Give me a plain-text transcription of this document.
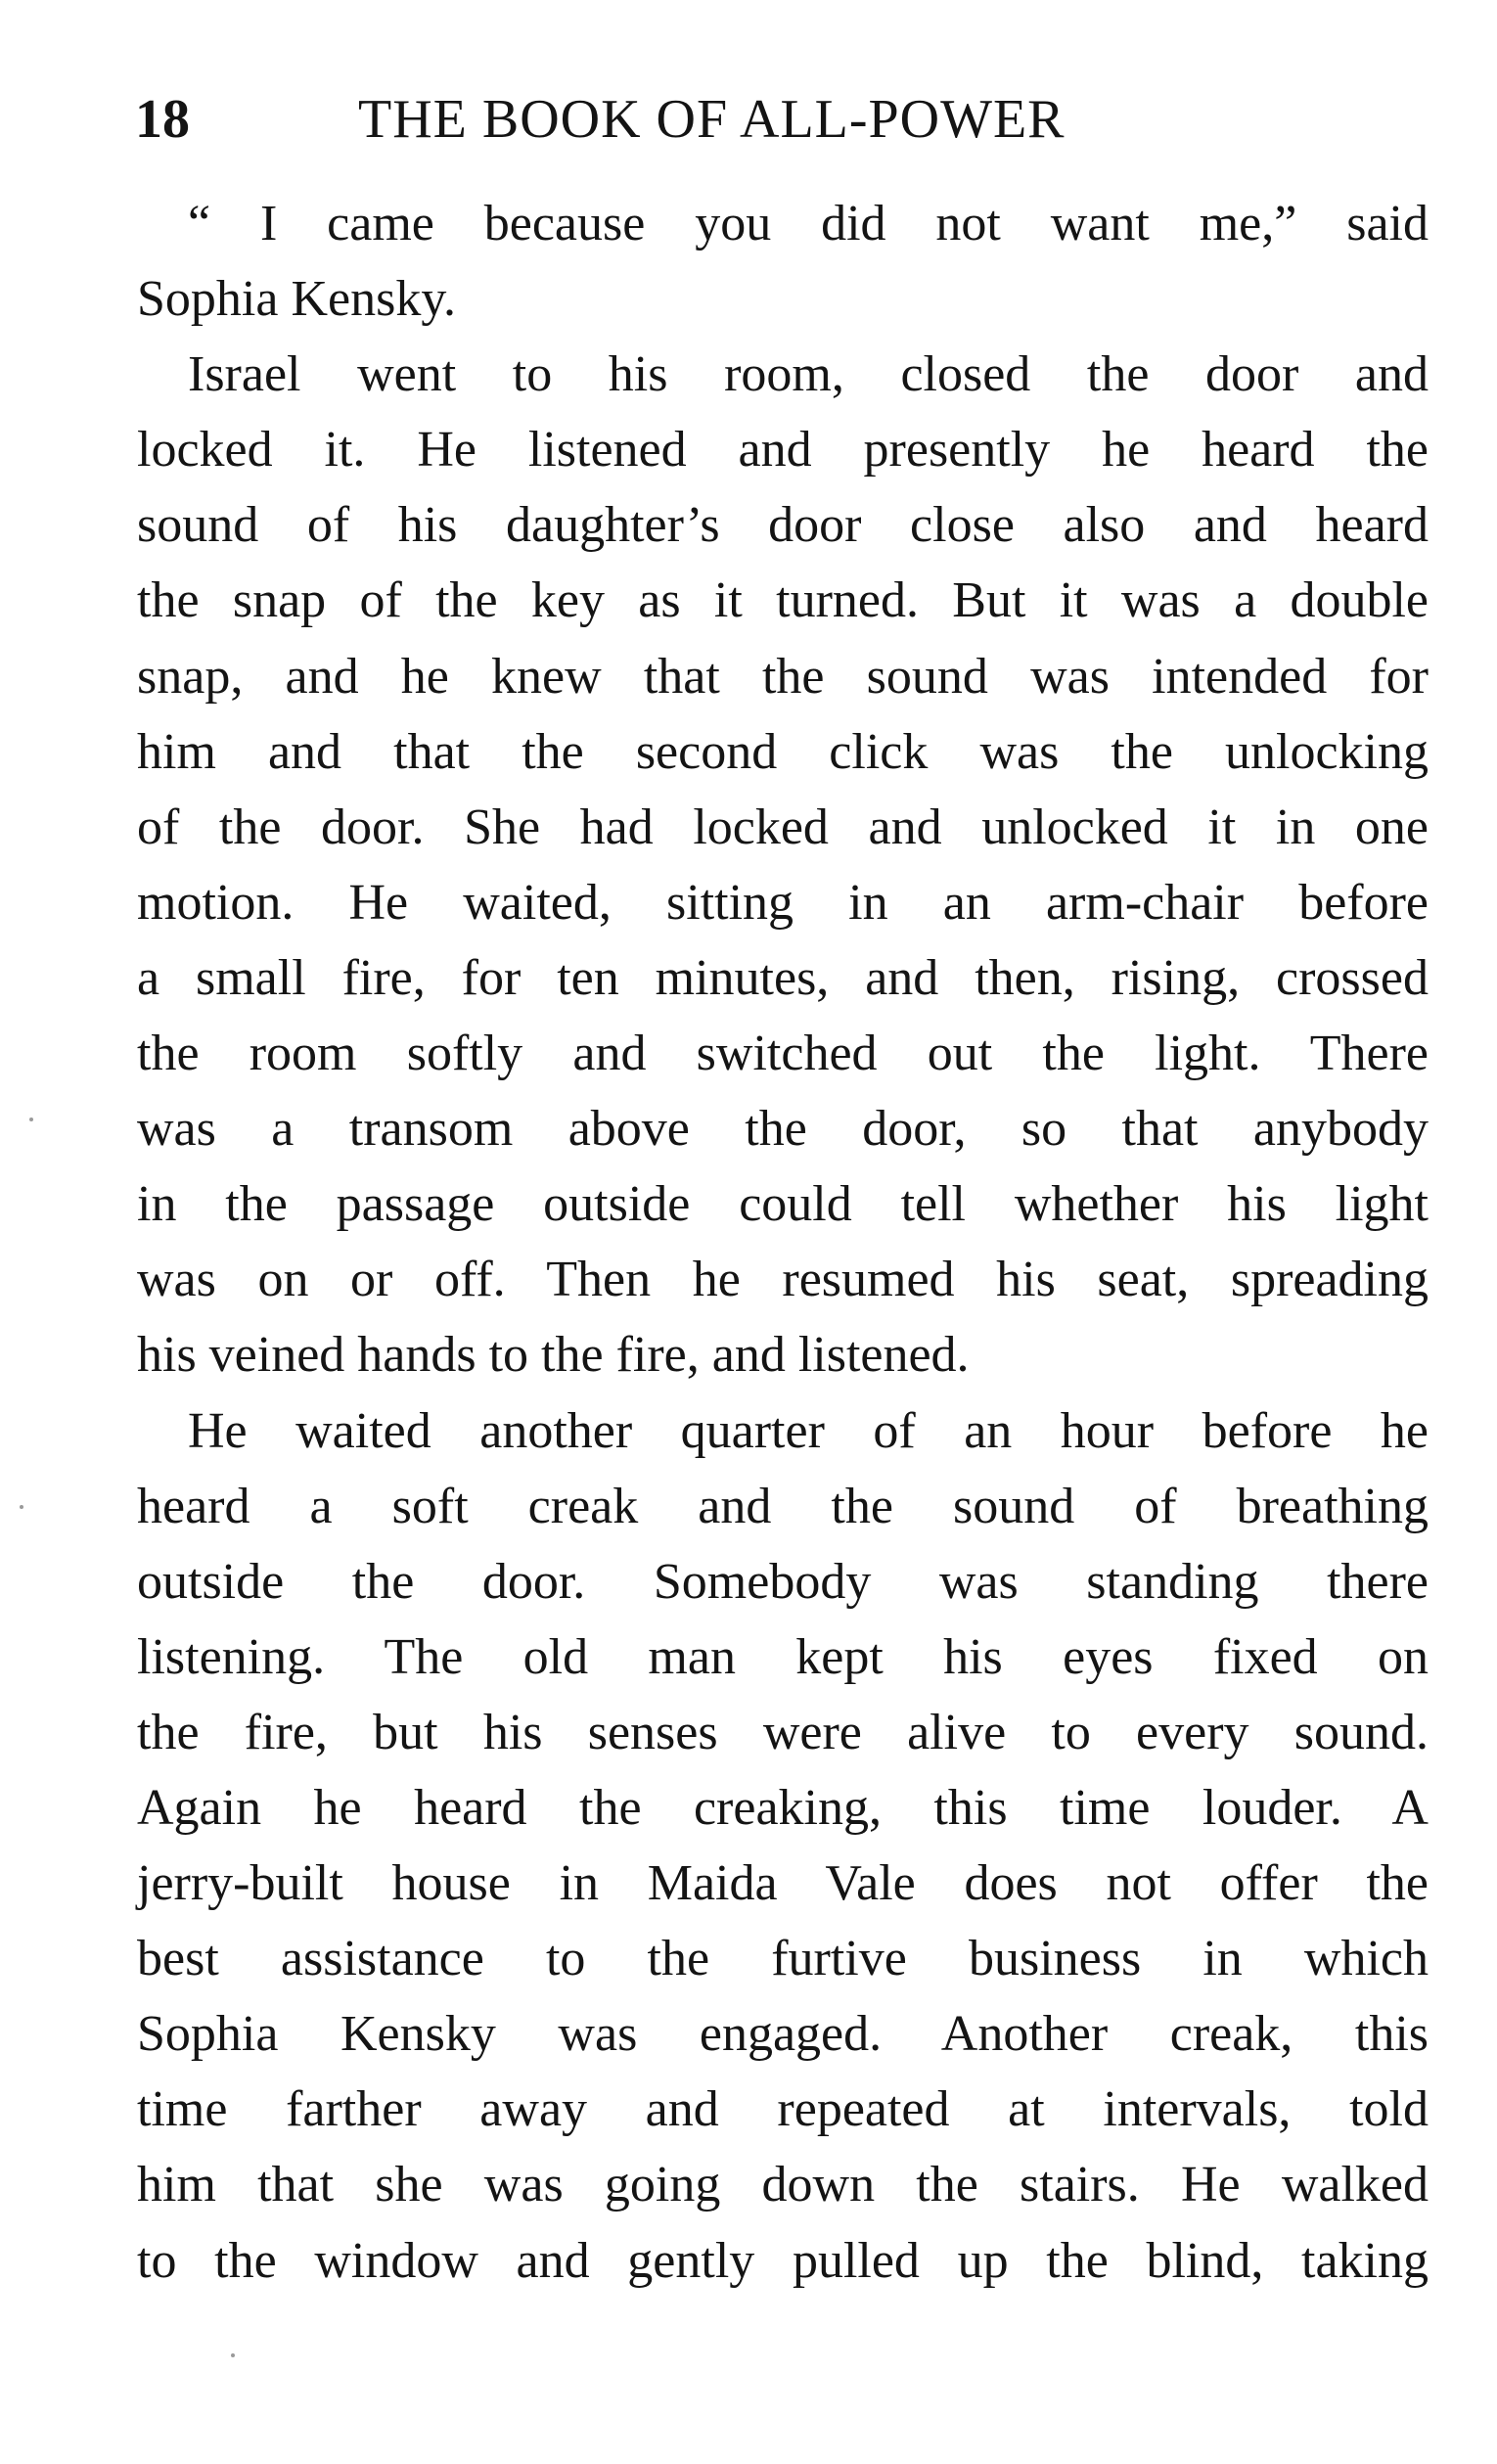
18	THE BOOK OF ALL-POWER
“ I came because you did not want me,” said
Sophia Kensky.
Israel went to his room, closed the door and
locked it. He listened and presently he heard the
sound of his daughter’s door close also and heard
the snap of the key as it turned. But it was a double
snap, and he knew that the sound was intended for
him and that the second click was the unlocking
of the door. She had locked and unlocked it in one
motion. He waited, sitting in an arm-chair before
a small fire, for ten minutes, and then, rising, crossed
the room softly and switched out the light. There
was a transom above the door, so that anybody
in the passage outside could tell whether his light
was on or off. Then he resumed his seat, spreading
his veined hands to the fire, and listened.
He waited another quarter of an hour before he
heard a soft creak and the sound of breathing
outside the door. Somebody was standing there
listening. The old man kept his eyes fixed on
the fire, but his senses were alive to every sound.
Again he heard the creaking, this time louder. A
jerry-built house in Maida Vale does not offer the
best assistance to the furtive business in which
Sophia Kensky was engaged. Another creak, this
time farther away and repeated at intervals, told
him that she was going down the stairs. He walked
to the window and gently pulled up the blind, taking
